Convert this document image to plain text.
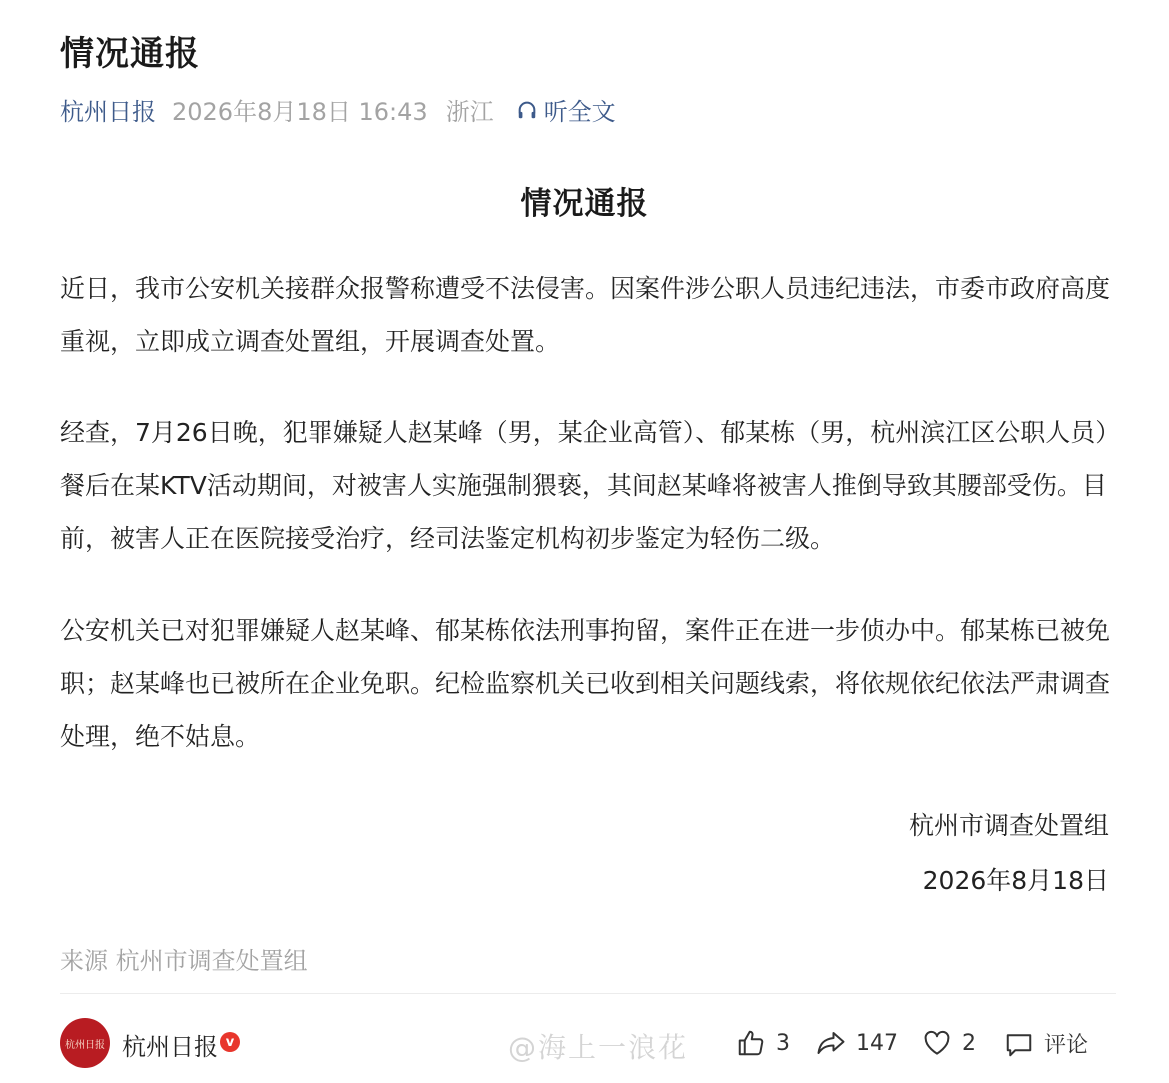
情况通报
杭州日报 2026年8月18日 16:43 浙江 听全文
情况通报

近日，我市公安机关接群众报警称遭受不法侵害。因案件涉公职人员违纪违法，市委市政府高度重视，立即成立调查处置组，开展调查处置。

经查，7月26日晚，犯罪嫌疑人赵某峰（男，某企业高管）、郁某栋（男，杭州滨江区公职人员）餐后在某KTV活动期间，对被害人实施强制猥亵，其间赵某峰将被害人推倒导致其腰部受伤。目前，被害人正在医院接受治疗，经司法鉴定机构初步鉴定为轻伤二级。

公安机关已对犯罪嫌疑人赵某峰、郁某栋依法刑事拘留，案件正在进一步侦办中。郁某栋已被免职；赵某峰也已被所在企业免职。纪检监察机关已收到相关问题线索，将依规依纪依法严肃调查处理，绝不姑息。

杭州市调查处置组
2026年8月18日
来源 杭州市调查处置组
杭州日报 杭州日报 v	@海上一浪花	3	147	2	评论
